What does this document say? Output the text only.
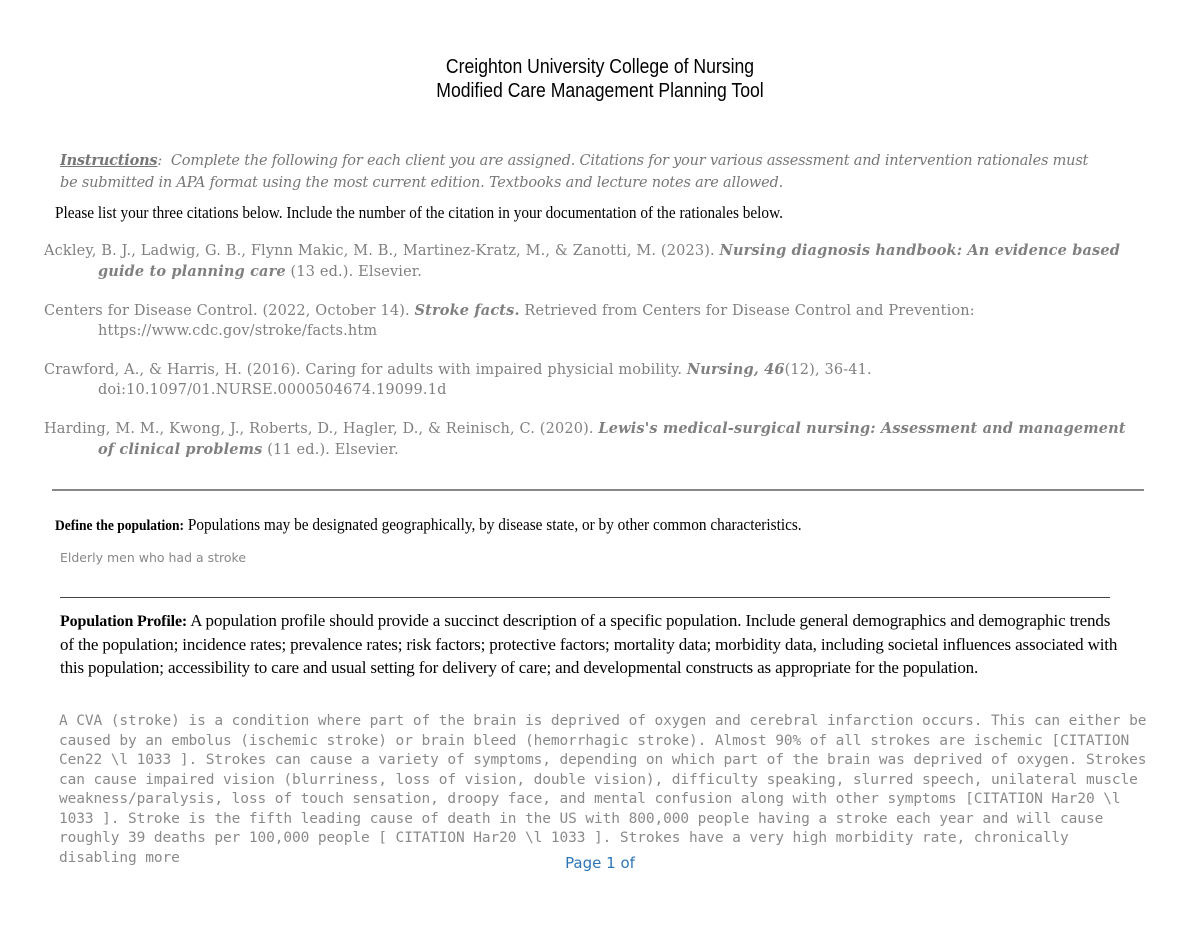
Creighton University College of Nursing
Modified Care Management Planning Tool
Instructions:  Complete the following for each client you are assigned. Citations for your various assessment and intervention rationales must be submitted in APA format using the most current edition. Textbooks and lecture notes are allowed.
Please list your three citations below. Include the number of the citation in your documentation of the rationales below.
Ackley, B. J., Ladwig, G. B., Flynn Makic, M. B., Martinez-Kratz, M., & Zanotti, M. (2023). Nursing diagnosis handbook: An evidence based guide to planning care (13 ed.). Elsevier.
Centers for Disease Control. (2022, October 14). Stroke facts. Retrieved from Centers for Disease Control and Prevention: https://www.cdc.gov/stroke/facts.htm
Crawford, A., & Harris, H. (2016). Caring for adults with impaired physicial mobility. Nursing, 46(12), 36-41. doi:10.1097/01.NURSE.0000504674.19099.1d
Harding, M. M., Kwong, J., Roberts, D., Hagler, D., & Reinisch, C. (2020). Lewis's medical-surgical nursing: Assessment and management of clinical problems (11 ed.). Elsevier.
Define the population: Populations may be designated geographically, by disease state, or by other common characteristics.
Elderly men who had a stroke
Population Profile: A population profile should provide a succinct description of a specific population. Include general demographics and demographic trends of the population; incidence rates; prevalence rates; risk factors; protective factors; mortality data; morbidity data, including societal influences associated with this population; accessibility to care and usual setting for delivery of care; and developmental constructs as appropriate for the population.
A CVA (stroke) is a condition where part of the brain is deprived of oxygen and cerebral infarction occurs. This can either be caused by an embolus (ischemic stroke) or brain bleed (hemorrhagic stroke). Almost 90% of all strokes are ischemic [CITATION Cen22 \l 1033 ]. Strokes can cause a variety of symptoms, depending on which part of the brain was deprived of oxygen. Strokes can cause impaired vision (blurriness, loss of vision, double vision), difficulty speaking, slurred speech, unilateral muscle weakness/paralysis, loss of touch sensation, droopy face, and mental confusion along with other symptoms [CITATION Har20 \l 1033 ]. Stroke is the fifth leading cause of death in the US with 800,000 people having a stroke each year and will cause roughly 39 deaths per 100,000 people [ CITATION Har20 \l 1033 ]. Strokes have a very high morbidity rate, chronically disabling more	Page 1 of
